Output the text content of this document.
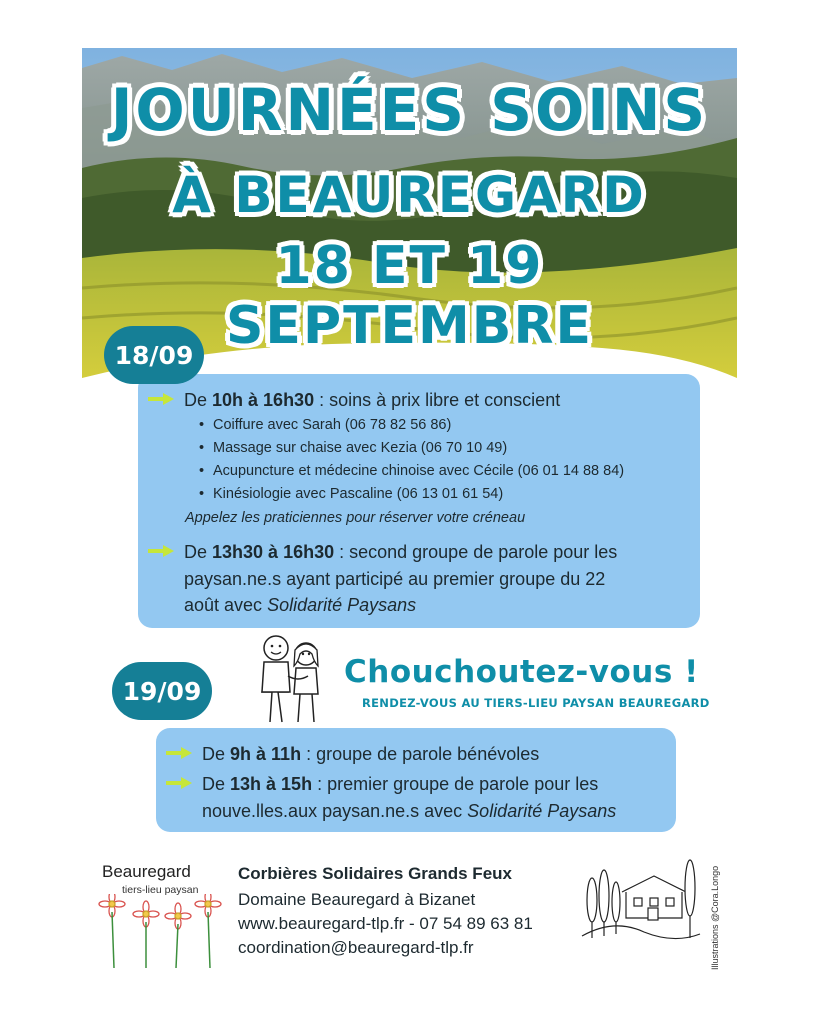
JOURNÉES SOINS
À BEAUREGARD
18 ET 19 SEPTEMBRE
De 10h à 16h30 : soins à prix libre et conscient
• Coiffure avec Sarah (06 78 82 56 86)
• Massage sur chaise avec Kezia (06 70 10 49)
• Acupuncture et médecine chinoise avec Cécile (06 01 14 88 84)
• Kinésiologie avec Pascaline (06 13 01 61 54)
Appelez les praticiennes pour réserver votre créneau
De 13h30 à 16h30 : second groupe de parole pour les
paysan.ne.s ayant participé au premier groupe du 22
août avec Solidarité Paysans
18/09
Chouchoutez-vous !
RENDEZ-VOUS AU TIERS-LIEU PAYSAN BEAUREGARD
De 9h à 11h : groupe de parole bénévoles
De 13h à 15h : premier groupe de parole pour les
nouve.lles.aux paysan.ne.s avec Solidarité Paysans
19/09
Beauregard
tiers-lieu paysan
Corbières Solidaires Grands Feux
Domaine Beauregard à Bizanet
www.beauregard-tlp.fr - 07 54 89 63 81
coordination@beauregard-tlp.fr	Illustrations @Cora.Longo
